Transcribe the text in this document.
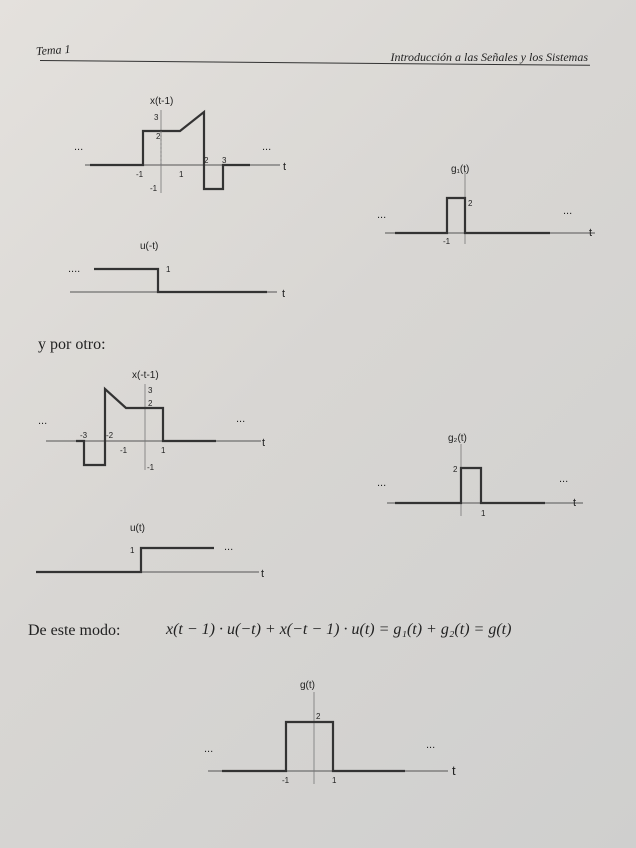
Tema 1	Introducción a las Señales y los Sistemas
x(t-1)
t
...	...
-1	1
2 3
3
2
-1
u(-t)
1
....
t
g₁(t)
2
-1
...	...
t
y por otro:
x(-t-1)
3
2
-1
-3 -2
-1	1
...	...
t
u(t)
1	...
t
g₂(t)
2
1
...	...
t
De este modo:	x(t − 1) · u(−t) + x(−t − 1) · u(t) = g₁(t) + g₂(t) = g(t)
g(t)
2
-1	1
...	...
t
